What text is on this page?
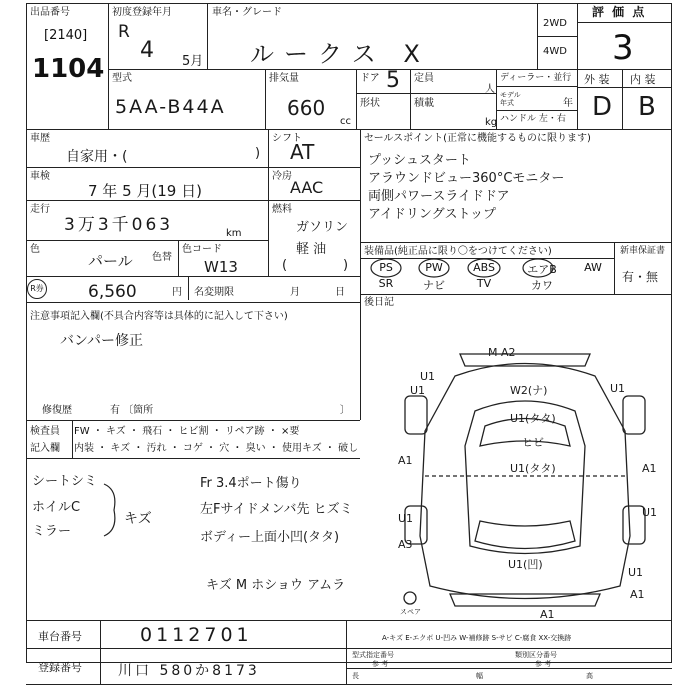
出品番号
[2140]
1104
初度登録年月
R
4 5月
車名・グレード
ルークス X
2WD
4WD
評 価 点
3
外 装 内 装
D B
型式
5AA-B44A
排気量
660
cc
ドア 5 定員
人
形状	積載
kg
ディーラー・並行
モデル年式	年
ハンドル 左・右
車歴
自家用・(	)
シフト
AT
車検
7 年 5 月(19 日)
冷房
AAC
走行
3万3千063	km
燃料
ガソリン
軽 油
(	)
色
パール 色替
色コード
W13
R券	6,560	円 名変期限	月	日
セールスポイント(正常に機能するものに限ります)
プッシュスタート
アラウンドビュー360°Cモニター
両側パワースライドドア
アイドリングストップ
装備品(純正品に限り〇をつけてください)	新車保証書
有・無
PS	PW	ABS	エアB	AW
SR	ナビ	TV	カワ
後日記
注意事項記入欄(不具合内容等は具体的に記入して下さい)
バンパー修正
修復歴	有 〔箇所	〕
検査員 FW ・ キズ ・ 飛石 ・ ヒビ割 ・ リペア跡 ・ ×要
記入欄 内装 ・ キズ ・ 汚れ ・ コゲ ・ 穴 ・ 臭い ・ 使用キズ ・ 破し
シートシミ
ホイルC
ミラー
キズ
Fr 3.4ポート傷り
左Fサイドメンバ先 ヒズミ
ボディー上面小凹(タタ)
キズ M ホショウ アムラ
M A2
U1	W2(ナ)
U1(タタ)
ヒビ
U1(タタ)
A1
A1
U1	U1
A3
U1(凹)
A1
U1
U1
U1
A1
スペア
車台番号	0112701	A-キズ E-エクボ U-凹み W-補修跡 S-サビ C-腐食 XX-交換跡
登録番号	川口 580か8173
型式指定番号
参 考
類別区分番号
参 考
長	幅	高
